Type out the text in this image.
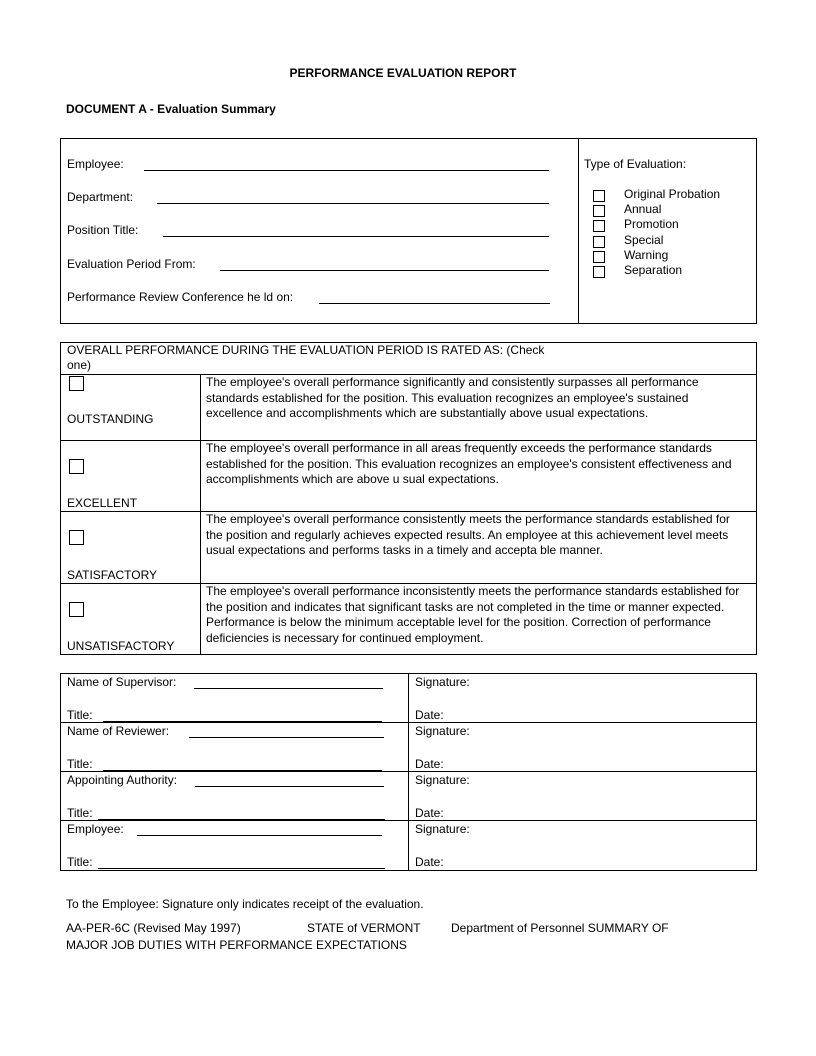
PERFORMANCE EVALUATION REPORT
DOCUMENT A - Evaluation Summary
Employee:
Department:
Position Title:
Evaluation Period From:
Performance Review Conference he ld on:
Type of Evaluation:
Original Probation
Annual
Promotion
Special
Warning
Separation
OVERALL PERFORMANCE DURING THE EVALUATION PERIOD IS RATED AS: (Check
one)
OUTSTANDING
The employee's overall performance significantly and consistently surpasses all performance standards established for the position. This evaluation recognizes an employee's sustained excellence and accomplishments which are substantially above usual expectations.
EXCELLENT
The employee's overall performance in all areas frequently exceeds the performance standards established for the position. This evaluation recognizes an employee's consistent effectiveness and accomplishments which are above u sual expectations.
SATISFACTORY
The employee's overall performance consistently meets the performance standards established for the position and regularly achieves expected results. An employee at this achievement level meets usual expectations and performs tasks in a timely and accepta ble manner.
UNSATISFACTORY
The employee's overall performance inconsistently meets the performance standards established for the position and indicates that significant tasks are not completed in the time or manner expected. Performance is below the minimum acceptable level for the position. Correction of performance deficiencies is necessary for continued employment.
Name of Supervisor:
Title:
Signature:
Date:
Name of Reviewer:
Title:
Signature:
Date:
Appointing Authority:
Title:
Signature:
Date:
Employee:
Title:
Signature:
Date:
To the Employee: Signature only indicates receipt of the evaluation.
AA-PER-6C (Revised May 1997)	STATE of VERMONT	Department of Personnel SUMMARY OF
MAJOR JOB DUTIES WITH PERFORMANCE EXPECTATIONS
